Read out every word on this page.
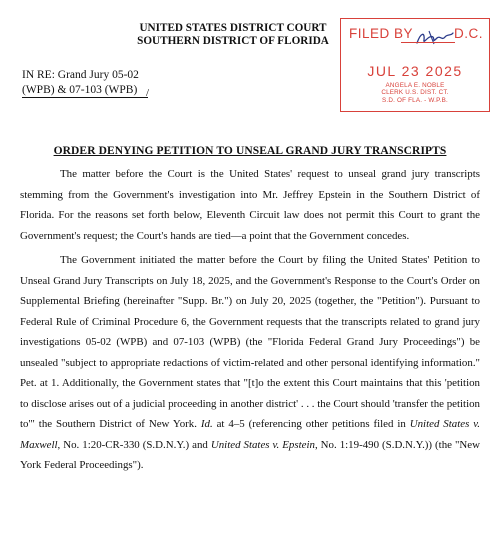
UNITED STATES DISTRICT COURT
SOUTHERN DISTRICT OF FLORIDA	FILED BY	D.C.
JUL 23 2025
ANGELA E. NOBLE
CLERK U.S. DIST. CT.
S.D. OF FLA. - W.P.B.
IN RE: Grand Jury 05-02
(WPB) & 07-103 (WPB) /
ORDER DENYING PETITION TO UNSEAL GRAND JURY TRANSCRIPTS

The matter before the Court is the United States' request to unseal grand jury transcripts stemming from the Government's investigation into Mr. Jeffrey Epstein in the Southern District of Florida. For the reasons set forth below, Eleventh Circuit law does not permit this Court to grant the Government's request; the Court's hands are tied—a point that the Government concedes.

The Government initiated the matter before the Court by filing the United States' Petition to Unseal Grand Jury Transcripts on July 18, 2025, and the Government's Response to the Court's Order on Supplemental Briefing (hereinafter "Supp. Br.") on July 20, 2025 (together, the "Petition"). Pursuant to Federal Rule of Criminal Procedure 6, the Government requests that the transcripts related to grand jury investigations 05-02 (WPB) and 07-103 (WPB) (the "Florida Federal Grand Jury Proceedings") be unsealed "subject to appropriate redactions of victim-related and other personal identifying information." Pet. at 1. Additionally, the Government states that "[t]o the extent this Court maintains that this 'petition to disclose arises out of a judicial proceeding in another district' . . . the Court should 'transfer the petition to'" the Southern District of New York. Id. at 4–5 (referencing other petitions filed in United States v. Maxwell, No. 1:20-CR-330 (S.D.N.Y.) and United States v. Epstein, No. 1:19-490 (S.D.N.Y.)) (the "New York Federal Proceedings").
